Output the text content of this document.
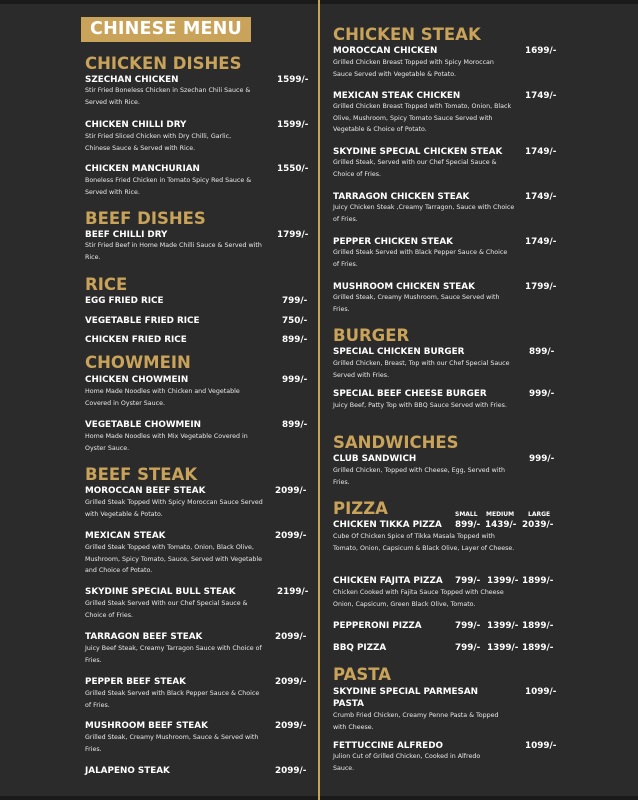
CHINESE MENU
CHICKEN DISHES
SZECHAN CHICKEN	1599/-
Stir Fried Boneless Chicken in Szechan Chili Sauce & Served with Rice.
CHICKEN CHILLI DRY	1599/-
Stir Fried Sliced Chicken with Dry Chilli, Garlic, Chinese Sauce & Served with Rice.
CHICKEN MANCHURIAN	1550/-
Boneless Fried Chicken in Tomato Spicy Red Sauce & Served with Rice.
BEEF DISHES
BEEF CHILLI DRY	1799/-
Stir Fried Beef in Home Made Chilli Sauce & Served with Rice.
RICE
EGG FRIED RICE	799/-
VEGETABLE FRIED RICE	750/-
CHICKEN FRIED RICE	899/-
CHOWMEIN
CHICKEN CHOWMEIN	999/-
Home Made Noodles with Chicken and Vegetable Covered in Oyster Sauce.
VEGETABLE CHOWMEIN	899/-
Home Made Noodles with Mix Vegetable Covered in Oyster Sauce.
BEEF STEAK
MOROCCAN BEEF STEAK	2099/-
Grilled Steak Topped With Spicy Moroccan Sauce Served with Vegetable & Potato.
MEXICAN STEAK	2099/-
Grilled Steak Topped with Tomato, Onion, Black Olive, Mushroom, Spicy Tomato, Sauce, Served with Vegetable and Choice of Potato.
SKYDINE SPECIAL BULL STEAK	2199/-
Grilled Steak Served With our Chef Special Sauce & Choice of Fries.
TARRAGON BEEF STEAK	2099/-
Juicy Beef Steak, Creamy Tarragon Sauce with Choice of Fries.
PEPPER BEEF STEAK	2099/-
Grilled Steak Served with Black Pepper Sauce & Choice of Fries.
MUSHROOM BEEF STEAK	2099/-
Grilled Steak, Creamy Mushroom, Sauce & Served with Fries.
JALAPENO STEAK	2099/-
CHICKEN STEAK
MOROCCAN CHICKEN	1699/-
Grilled Chicken Breast Topped with Spicy Moroccan Sauce Served with Vegetable & Potato.
MEXICAN STEAK CHICKEN	1749/-
Grilled Chicken Breast Topped with Tomato, Onion, Black Olive, Mushroom, Spicy Tomato Sauce Served with Vegetable & Choice of Potato.
SKYDINE SPECIAL CHICKEN STEAK	1749/-
Grilled Steak, Served with our Chef Special Sauce & Choice of Fries.
TARRAGON CHICKEN STEAK	1749/-
Juicy Chicken Steak ,Creamy Tarragon, Sauce with Choice of Fries.
PEPPER CHICKEN STEAK	1749/-
Grilled Steak Served with Black Pepper Sauce & Choice of Fries.
MUSHROOM CHICKEN STEAK	1799/-
Grilled Steak, Creamy Mushroom, Sauce Served with Fries.
BURGER
SPECIAL CHICKEN BURGER	899/-
Grilled Chicken, Breast, Top with our Chef Special Sauce Served with Fries.
SPECIAL BEEF CHEESE BURGER	999/-
Juicy Beef, Patty Top with BBQ Sauce Served with Fries.
SANDWICHES
CLUB SANDWICH	999/-
Grilled Chicken, Topped with Cheese, Egg, Served with Fries.
PIZZA	SMALL MEDIUM LARGE
CHICKEN TIKKA PIZZA 899/- 1439/- 2039/-
Cube Of Chicken Spice of Tikka Masala Topped with Tomato, Onion, Capsicum & Black Olive, Layer of Cheese.
CHICKEN FAJITA PIZZA 799/- 1399/- 1899/-
Chicken Cooked with Fajita Sauce Topped with Cheese Onion, Capsicum, Green Black Olive, Tomato.
PEPPERONI PIZZA	799/- 1399/- 1899/-
BBQ PIZZA	799/- 1399/- 1899/-
PASTA
SKYDINE SPECIAL PARMESAN PASTA
1099/-
Crumb Fried Chicken, Creamy Penne Pasta & Topped with Cheese.
FETTUCCINE ALFREDO	1099/-
Julion Cut of Grilled Chicken, Cooked in Alfredo Sauce.
